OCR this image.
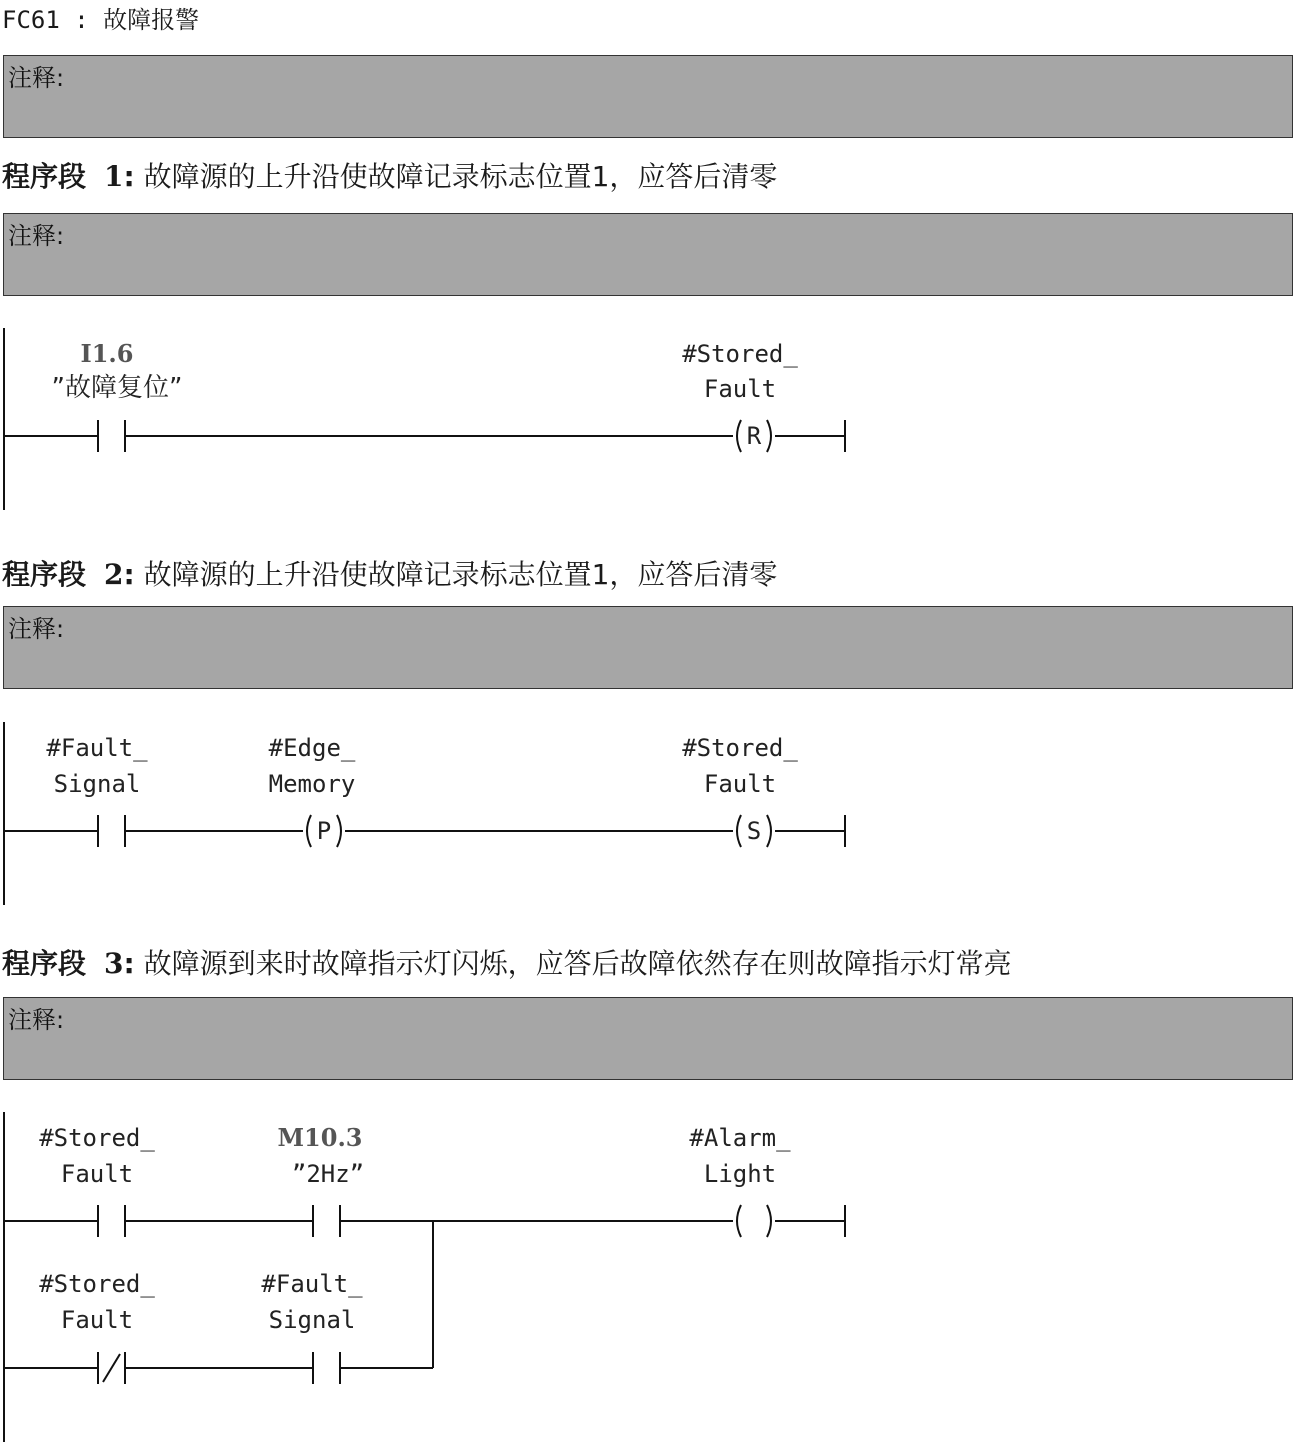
FC61 : 故障报警
注释:
程序段 1: 故障源的上升沿使故障记录标志位置1，应答后清零
注释:
程序段 2: 故障源的上升沿使故障记录标志位置1，应答后清零
注释:
程序段 3: 故障源到来时故障指示灯闪烁，应答后故障依然存在则故障指示灯常亮
注释:
I1.6
”故障复位”
R
#Stored_
Fault
#Fault_
Signal
P
#Edge_
Memory
S
#Stored_
Fault
#Stored_
Fault
M10.3
”2Hz”
#Alarm_
Light
#Stored_
Fault
#Fault_
Signal
